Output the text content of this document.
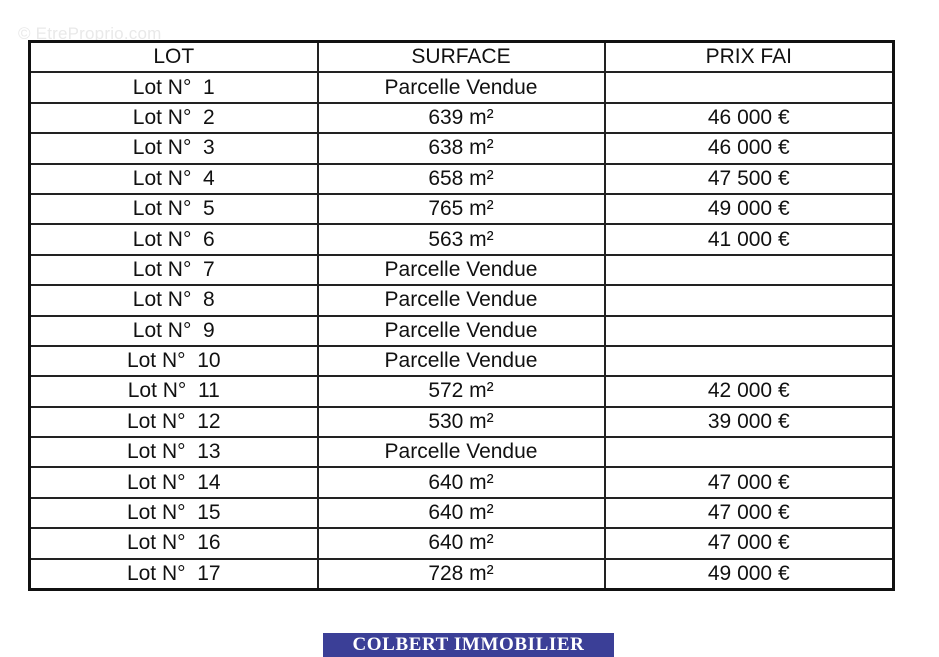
© EtreProprio.com
LOT	SURFACE	PRIX FAI
Lot N°  1	Parcelle Vendue	
Lot N°  2	639 m²	46 000 €
Lot N°  3	638 m²	46 000 €
Lot N°  4	658 m²	47 500 €
Lot N°  5	765 m²	49 000 €
Lot N°  6	563 m²	41 000 €
Lot N°  7	Parcelle Vendue	
Lot N°  8	Parcelle Vendue	
Lot N°  9	Parcelle Vendue	
Lot N°  10	Parcelle Vendue	
Lot N°  11	572 m²	42 000 €
Lot N°  12	530 m²	39 000 €
Lot N°  13	Parcelle Vendue	
Lot N°  14	640 m²	47 000 €
Lot N°  15	640 m²	47 000 €
Lot N°  16	640 m²	47 000 €
Lot N°  17	728 m²	49 000 €
COLBERT IMMOBILIER
